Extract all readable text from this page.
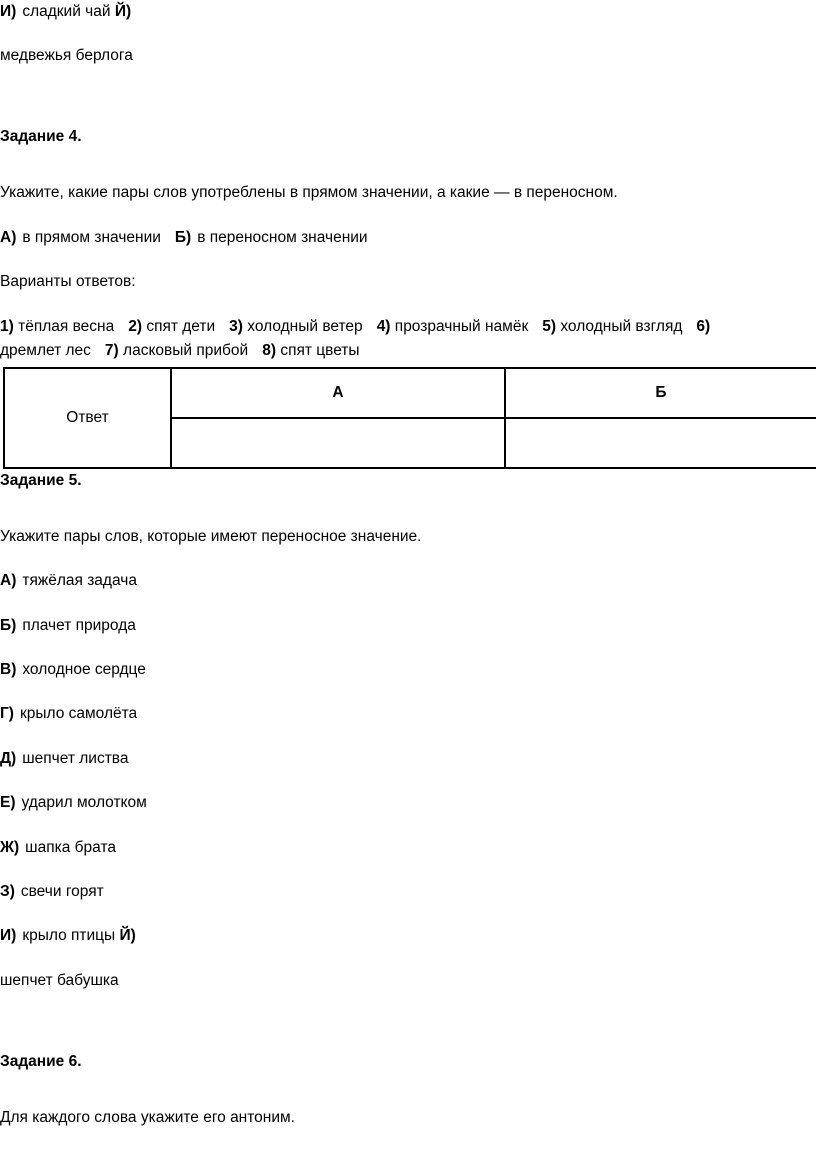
И) сладкий чай Й)
медвежья берлога
Задание 4.
Укажите, какие пары слов употреблены в прямом значении, а какие — в переносном.
А) в прямом значении Б) в переносном значении
Варианты ответов:
1) тёплая весна 2) спят дети 3) холодный ветер 4) прозрачный намёк 5) холодный взгляд 6)
дремлет лес 7) ласковый прибой 8) спят цветы
Ответ	А	Б

Задание 5.
Укажите пары слов, которые имеют переносное значение.
А) тяжёлая задача
Б) плачет природа
В) холодное сердце
Г) крыло самолёта
Д) шепчет листва
Е) ударил молотком
Ж) шапка брата
З) свечи горят
И) крыло птицы Й)
шепчет бабушка
Задание 6.
Для каждого слова укажите его антоним.
